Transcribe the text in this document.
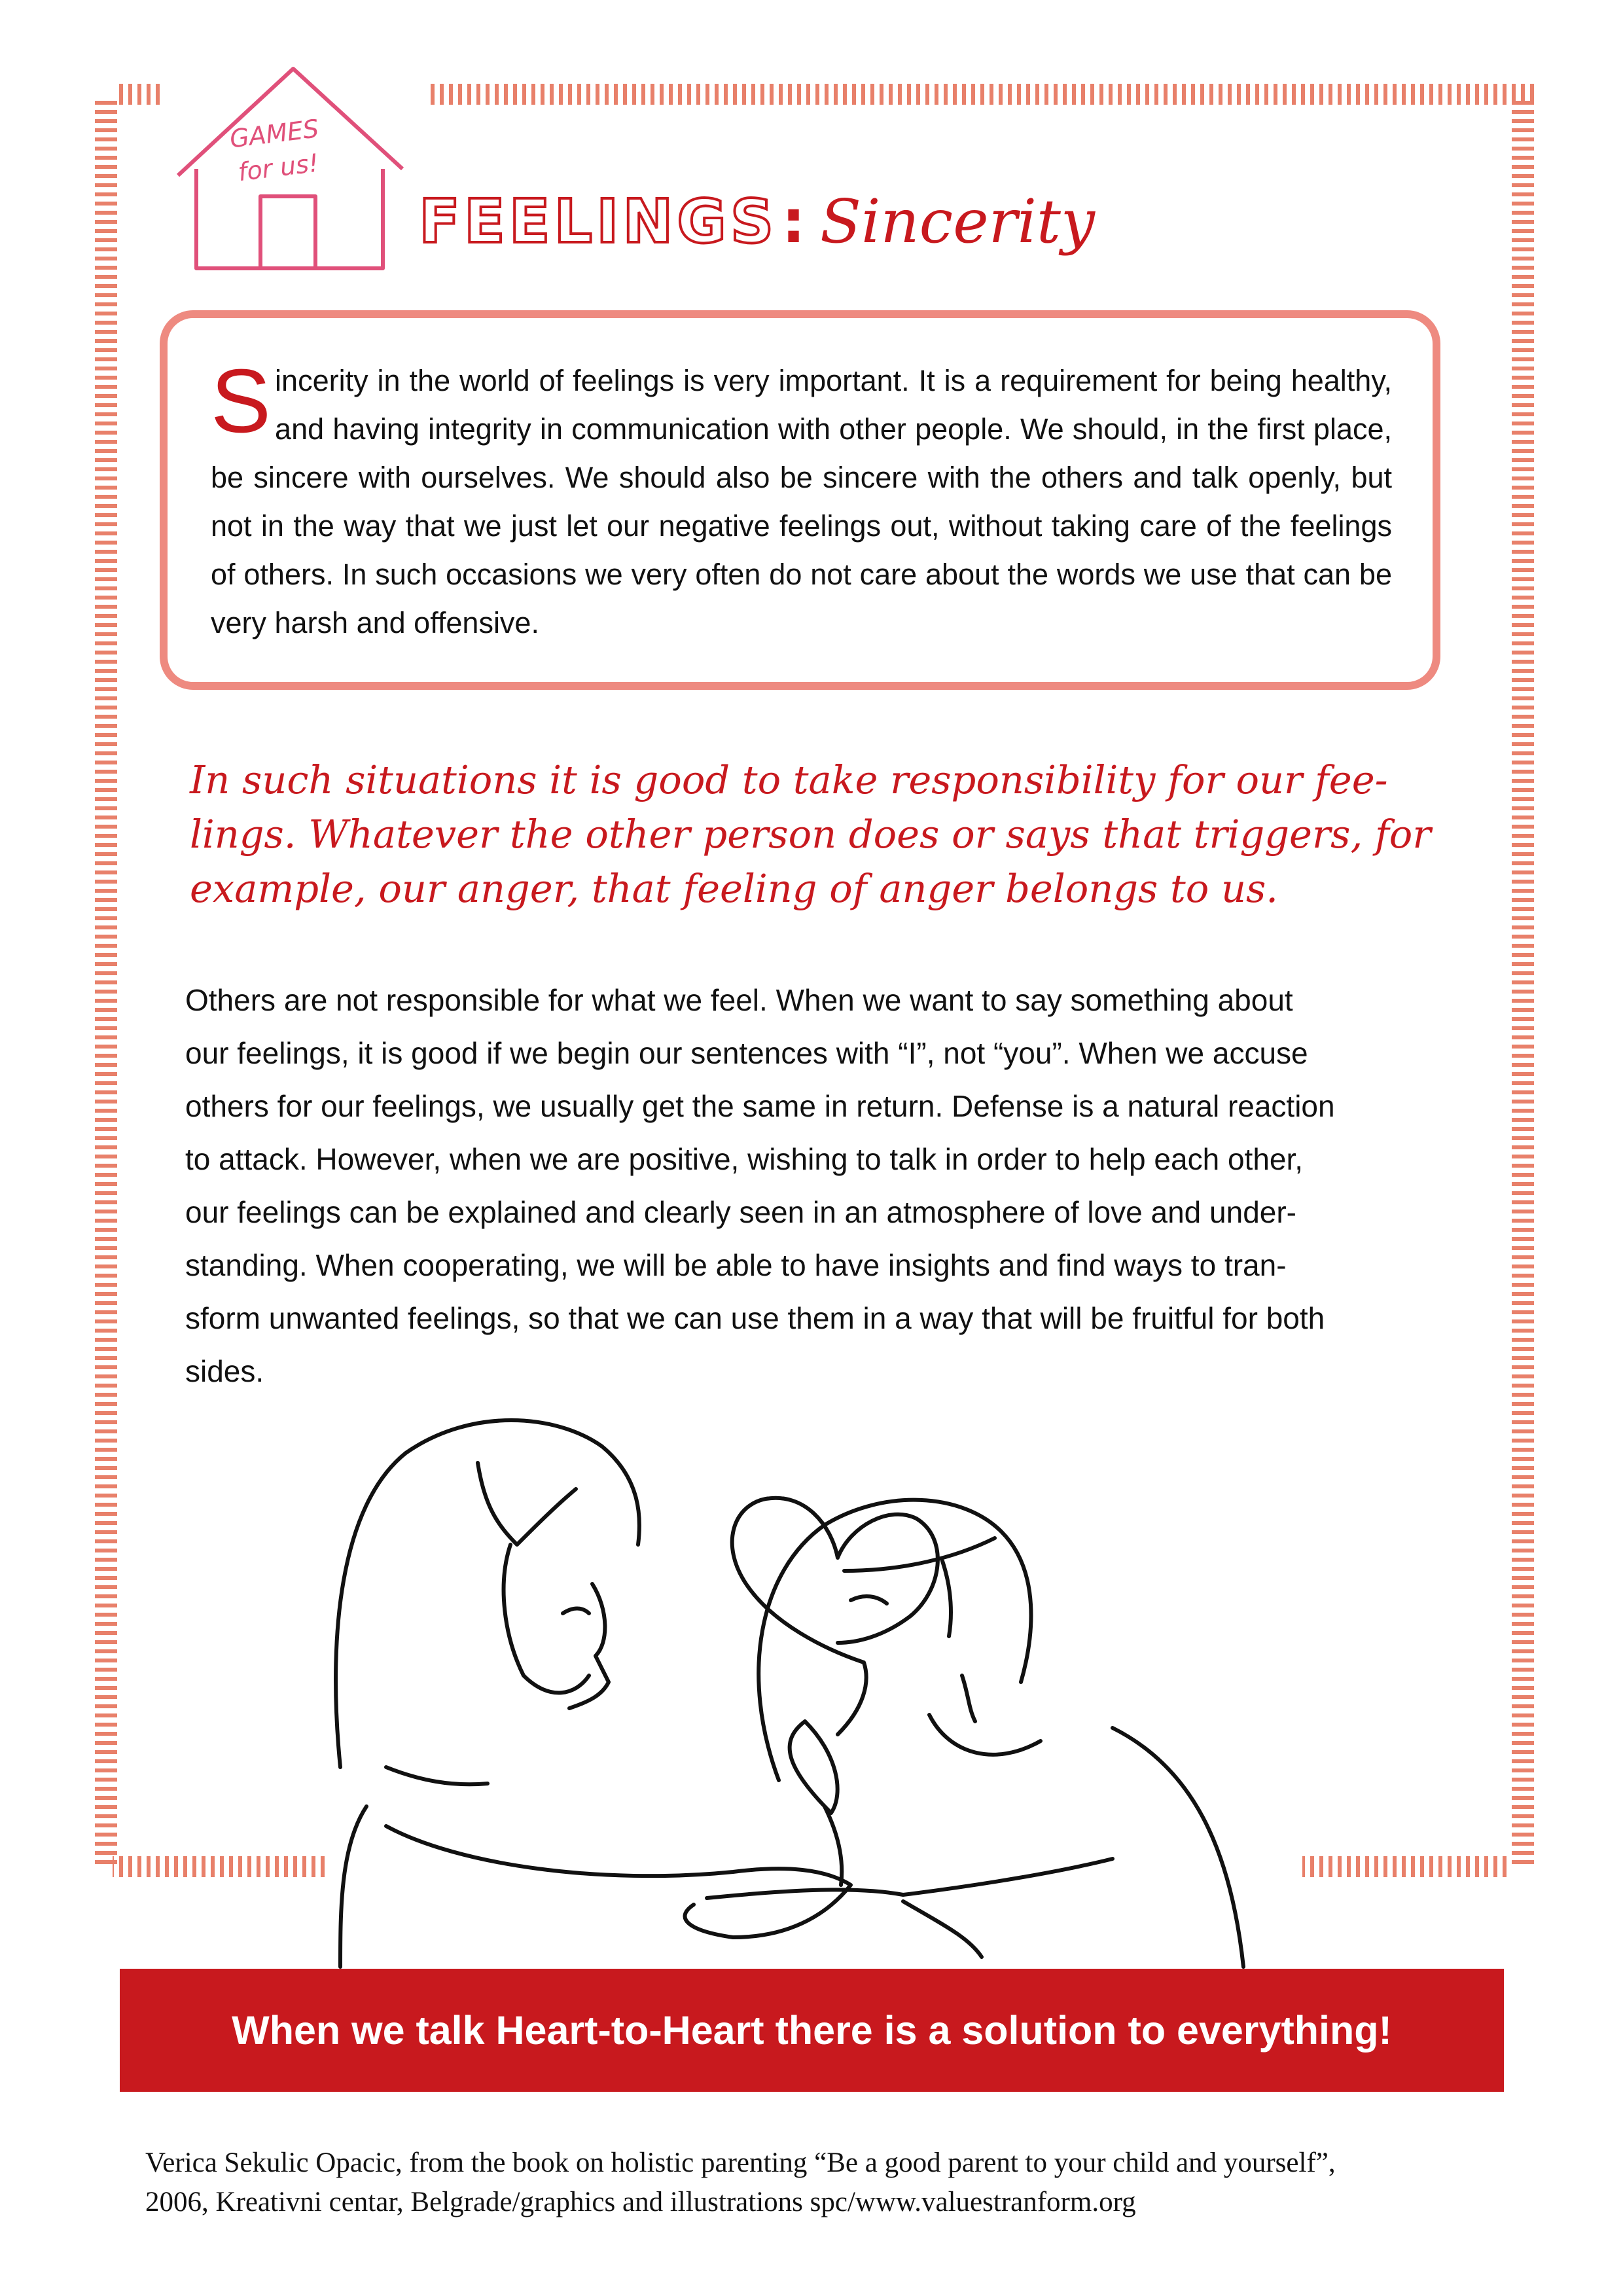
GAMES
for us!
FEELINGS : Sincerity
Sincerity in the world of feelings is very important. It is a requirement for being healthy, and having integrity in communication with other people. We should, in the first place, be sincere with ourselves. We should also be sincere with the others and talk openly, but not in the way that we just let our negative feelings out, without taking care of the feelings of others. In such occasions we very often do not care about the words we use that can be very harsh and offensive.
In such situations it is good to take responsibility for our fee-
lings. Whatever the other person does or says that triggers, for
example, our anger, that feeling of anger belongs to us.
Others are not responsible for what we feel. When we want to say something about
our feelings, it is good if we begin our sentences with “I”, not “you”. When we accuse
others for our feelings, we usually get the same in return. Defense is a natural reaction
to attack. However, when we are positive, wishing to talk in order to help each other,
our feelings can be explained and clearly seen in an atmosphere of love and under-
standing. When cooperating, we will be able to have insights and find ways to tran-
sform unwanted feelings, so that we can use them in a way that will be fruitful for both
sides.
When we talk Heart-to-Heart there is a solution to everything!
Verica Sekulic Opacic, from the book on holistic parenting “Be a good parent to your child and yourself”,
2006, Kreativni centar, Belgrade/graphics and illustrations spc/www.valuestranform.org
